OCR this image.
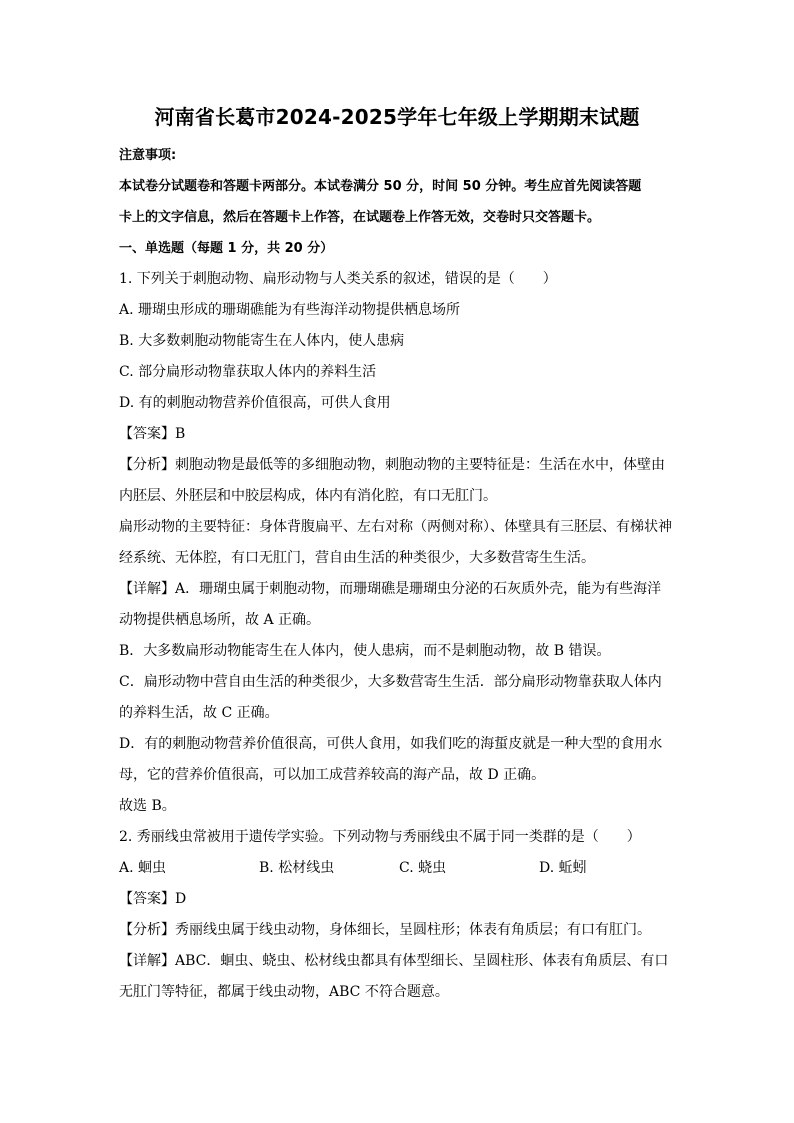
河南省长葛市2024-2025学年七年级上学期期末试题
注意事项:
本试卷分试题卷和答题卡两部分。本试卷满分 50 分，时间 50 分钟。考生应首先阅读答题
卡上的文字信息，然后在答题卡上作答，在试题卷上作答无效，交卷时只交答题卡。
一、单选题（每题 1 分，共 20 分）
1. 下列关于刺胞动物、扁形动物与人类关系的叙述，错误的是（　　）
A. 珊瑚虫形成的珊瑚礁能为有些海洋动物提供栖息场所
B. 大多数刺胞动物能寄生在人体内，使人患病
C. 部分扁形动物靠获取人体内的养料生活
D. 有的刺胞动物营养价值很高，可供人食用
【答案】B
【分析】刺胞动物是最低等的多细胞动物，刺胞动物的主要特征是：生活在水中，体壁由
内胚层、外胚层和中胶层构成，体内有消化腔，有口无肛门。
扁形动物的主要特征：身体背腹扁平、左右对称（两侧对称）、体壁具有三胚层、有梯状神
经系统、无体腔，有口无肛门，营自由生活的种类很少，大多数营寄生生活。
【详解】A．珊瑚虫属于刺胞动物，而珊瑚礁是珊瑚虫分泌的石灰质外壳，能为有些海洋
动物提供栖息场所，故 A 正确。
B．大多数扁形动物能寄生在人体内，使人患病，而不是刺胞动物，故 B 错误。
C．扁形动物中营自由生活的种类很少，大多数营寄生生活．部分扁形动物靠获取人体内
的养料生活，故 C 正确。
D．有的刺胞动物营养价值很高，可供人食用，如我们吃的海蜇皮就是一种大型的食用水
母，它的营养价值很高，可以加工成营养较高的海产品，故 D 正确。
故选 B。
2. 秀丽线虫常被用于遗传学实验。下列动物与秀丽线虫不属于同一类群的是（　　）
A. 蛔虫	B. 松材线虫	C. 蛲虫	D. 蚯蚓
【答案】D
【分析】秀丽线虫属于线虫动物，身体细长，呈圆柱形；体表有角质层；有口有肛门。
【详解】ABC．蛔虫、蛲虫、松材线虫都具有体型细长、呈圆柱形、体表有角质层、有口
无肛门等特征，都属于线虫动物，ABC 不符合题意。
